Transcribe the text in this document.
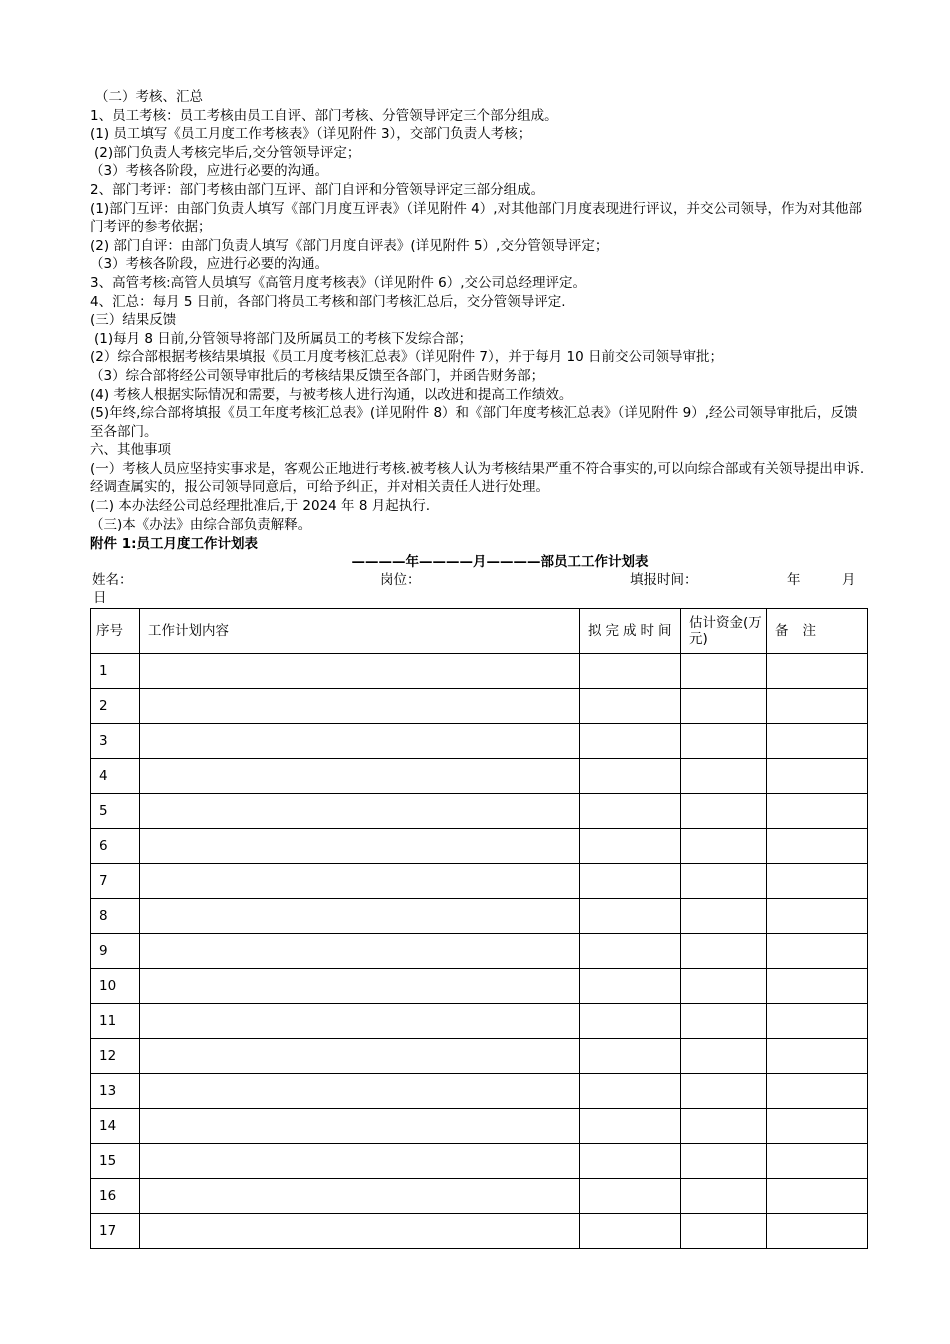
（二）考核、汇总
1、员工考核：员工考核由员工自评、部门考核、分管领导评定三个部分组成。
(1) 员工填写《员工月度工作考核表》（详见附件 3），交部门负责人考核；
(2)部门负责人考核完毕后,交分管领导评定；
（3）考核各阶段，应进行必要的沟通。
2、部门考评：部门考核由部门互评、部门自评和分管领导评定三部分组成。
(1)部门互评：由部门负责人填写《部门月度互评表》（详见附件 4）,对其他部门月度表现进行评议，并交公司领导，作为对其他部门考评的参考依据；
(2) 部门自评：由部门负责人填写《部门月度自评表》(详见附件 5）,交分管领导评定；
（3）考核各阶段，应进行必要的沟通。
3、高管考核:高管人员填写《高管月度考核表》（详见附件 6）,交公司总经理评定。
4、汇总：每月 5 日前，各部门将员工考核和部门考核汇总后，交分管领导评定.
(三）结果反馈
(1)每月 8 日前,分管领导将部门及所属员工的考核下发综合部；
(2）综合部根据考核结果填报《员工月度考核汇总表》（详见附件 7），并于每月 10 日前交公司领导审批；
（3）综合部将经公司领导审批后的考核结果反馈至各部门，并函告财务部；
(4) 考核人根据实际情况和需要，与被考核人进行沟通，以改进和提高工作绩效。
(5)年终,综合部将填报《员工年度考核汇总表》(详见附件 8）和《部门年度考核汇总表》（详见附件 9）,经公司领导审批后，反馈至各部门。
六、其他事项
(一）考核人员应坚持实事求是，客观公正地进行考核.被考核人认为考核结果严重不符合事实的,可以向综合部或有关领导提出申诉.经调查属实的，报公司领导同意后，可给予纠正，并对相关责任人进行处理。
(二) 本办法经公司总经理批准后,于 2024 年 8 月起执行.
（三)本《办法》由综合部负责解释。
附件 1:员工月度工作计划表
————年————月————部员工工作计划表
姓名：	岗位：	填报时间：	年	月
日
序号	工作计划内容	拟完成时间	估计资金(万元)	备注
1				
2				
3				
4				
5				
6				
7				
8				
9				
10				
11				
12				
13				
14				
15				
16				
17				
